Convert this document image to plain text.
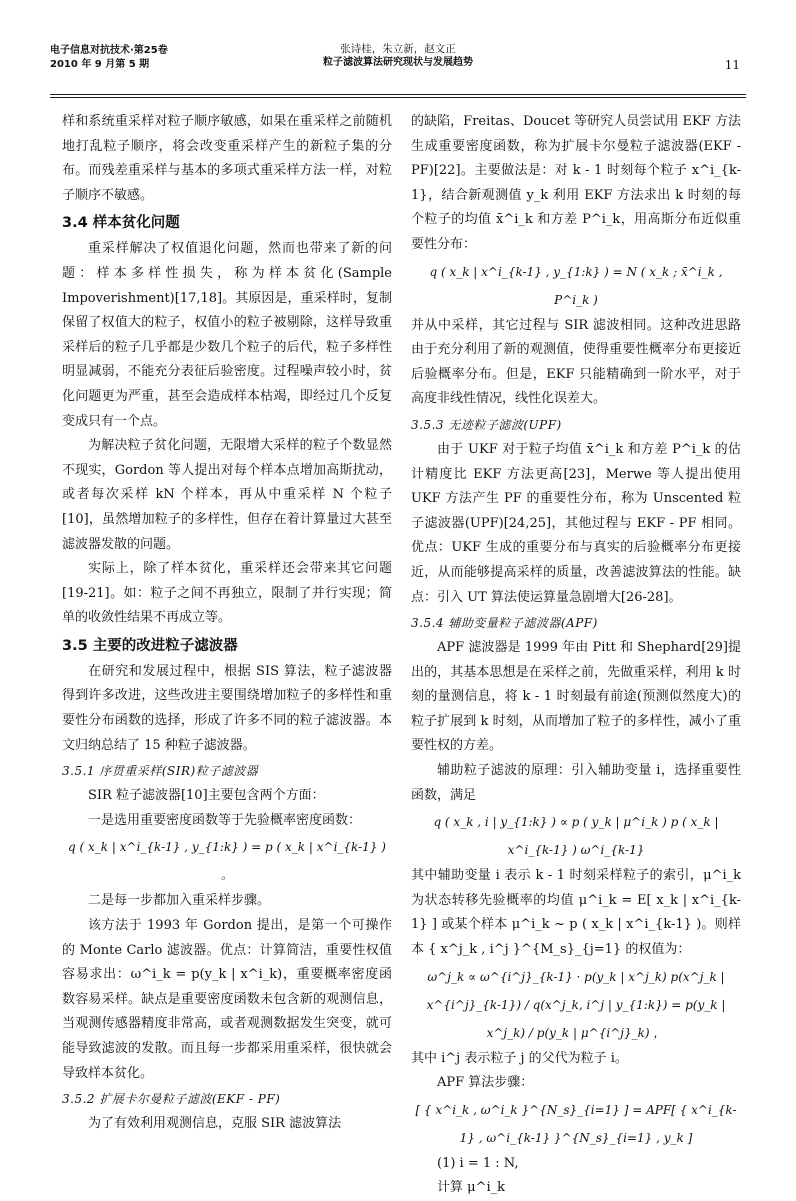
电子信息对抗技术·第25卷
2010 年 9 月第 5 期
张诗桂，朱立新，赵文正
粒子滤波算法研究现状与发展趋势	11

样和系统重采样对粒子顺序敏感，如果在重采样之前随机地打乱粒子顺序，将会改变重采样产生的新粒子集的分布。而残差重采样与基本的多项式重采样方法一样，对粒子顺序不敏感。

3.4 样本贫化问题

重采样解决了权值退化问题，然而也带来了新的问题：样本多样性损失，称为样本贫化(Sample Impoverishment)[17,18]。其原因是，重采样时，复制保留了权值大的粒子，权值小的粒子被剔除，这样导致重采样后的粒子几乎都是少数几个粒子的后代，粒子多样性明显减弱，不能充分表征后验密度。过程噪声较小时，贫化问题更为严重，甚至会造成样本枯竭，即经过几个反复变成只有一个点。

为解决粒子贫化问题，无限增大采样的粒子个数显然不现实，Gordon 等人提出对每个样本点增加高斯扰动，或者每次采样 kN 个样本，再从中重采样 N 个粒子[10]，虽然增加粒子的多样性，但存在着计算量过大甚至滤波器发散的问题。

实际上，除了样本贫化，重采样还会带来其它问题[19-21]。如：粒子之间不再独立，限制了并行实现；简单的收敛性结果不再成立等。

3.5 主要的改进粒子滤波器

在研究和发展过程中，根据 SIS 算法，粒子滤波器得到许多改进，这些改进主要围绕增加粒子的多样性和重要性分布函数的选择，形成了许多不同的粒子滤波器。本文归纳总结了 15 种粒子滤波器。

3.5.1 序贯重采样(SIR)粒子滤波器

SIR 粒子滤波器[10]主要包含两个方面：

一是选用重要密度函数等于先验概率密度函数：

q ( x_k | x^i_{k-1} , y_{1:k} ) = p ( x_k | x^i_{k-1} ) 。

二是每一步都加入重采样步骤。

该方法于 1993 年 Gordon 提出，是第一个可操作的 Monte Carlo 滤波器。优点：计算简洁，重要性权值容易求出：ω^i_k = p(y_k | x^i_k)，重要概率密度函数容易采样。缺点是重要密度函数未包含新的观测信息，当观测传感器精度非常高，或者观测数据发生突变，就可能导致滤波的发散。而且每一步都采用重采样，很快就会导致样本贫化。

3.5.2 扩展卡尔曼粒子滤波(EKF - PF)

为了有效利用观测信息，克服 SIR 滤波算法

的缺陷，Freitas、Doucet 等研究人员尝试用 EKF 方法生成重要密度函数，称为扩展卡尔曼粒子滤波器(EKF - PF)[22]。主要做法是：对 k - 1 时刻每个粒子 x^i_{k-1}，结合新观测值 y_k 利用 EKF 方法求出 k 时刻的每个粒子的均值 x̄^i_k 和方差 P^i_k，用高斯分布近似重要性分布：

q ( x_k | x^i_{k-1} , y_{1:k} ) = N ( x_k ; x̄^i_k , P^i_k )

并从中采样，其它过程与 SIR 滤波相同。这种改进思路由于充分利用了新的观测值，使得重要性概率分布更接近后验概率分布。但是，EKF 只能精确到一阶水平，对于高度非线性情况，线性化误差大。

3.5.3 无迹粒子滤波(UPF)

由于 UKF 对于粒子均值 x̄^i_k 和方差 P^i_k 的估计精度比 EKF 方法更高[23]，Merwe 等人提出使用 UKF 方法产生 PF 的重要性分布，称为 Unscented 粒子滤波器(UPF)[24,25]，其他过程与 EKF - PF 相同。优点：UKF 生成的重要分布与真实的后验概率分布更接近，从而能够提高采样的质量，改善滤波算法的性能。缺点：引入 UT 算法使运算量急剧增大[26-28]。

3.5.4 辅助变量粒子滤波器(APF)

APF 滤波器是 1999 年由 Pitt 和 Shephard[29]提出的，其基本思想是在采样之前，先做重采样，利用 k 时刻的量测信息，将 k - 1 时刻最有前途(预测似然度大)的粒子扩展到 k 时刻，从而增加了粒子的多样性，减小了重要性权的方差。

辅助粒子滤波的原理：引入辅助变量 i，选择重要性函数，满足

q ( x_k , i | y_{1:k} ) ∝ p ( y_k | μ^i_k ) p ( x_k | x^i_{k-1} ) ω^i_{k-1}

其中辅助变量 i 表示 k - 1 时刻采样粒子的索引，μ^i_k 为状态转移先验概率的均值 μ^i_k = E[ x_k | x^i_{k-1} ] 或某个样本 μ^i_k ~ p ( x_k | x^i_{k-1} )。则样本 { x^j_k , i^j }^{M_s}_{j=1} 的权值为：

ω^j_k ∝ ω^{i^j}_{k-1} · p(y_k | x^j_k) p(x^j_k | x^{i^j}_{k-1}) / q(x^j_k, i^j | y_{1:k}) = p(y_k | x^j_k) / p(y_k | μ^{i^j}_k) ，

其中 i^j 表示粒子 j 的父代为粒子 i。

APF 算法步骤：

[ { x^i_k , ω^i_k }^{N_s}_{i=1} ] = APF[ { x^i_{k-1} , ω^i_{k-1} }^{N_s}_{i=1} , y_k ]

(1) i = 1 : N,

计算 μ^i_k
